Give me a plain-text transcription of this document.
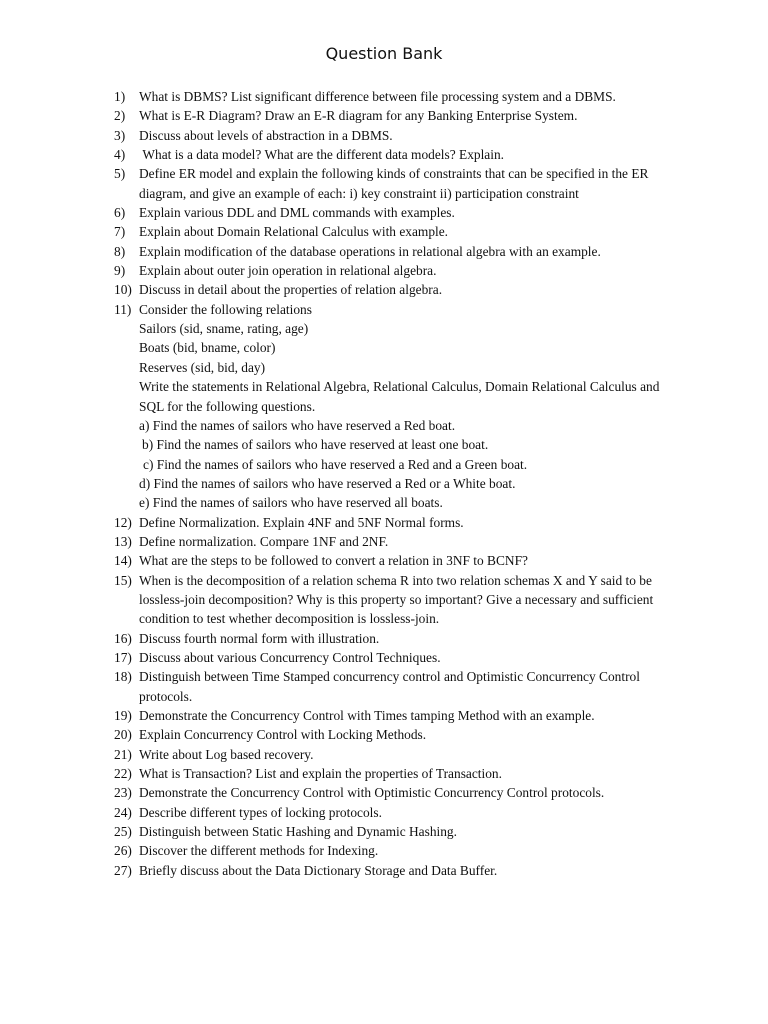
Question Bank
1)	What is DBMS? List significant difference between file processing system and a DBMS.
2)	What is E-R Diagram? Draw an E-R diagram for any Banking Enterprise System.
3)	Discuss about levels of abstraction in a DBMS.
4)	What is a data model? What are the different data models? Explain.
5)	Define ER model and explain the following kinds of constraints that can be specified in the ER diagram, and give an example of each: i) key constraint ii) participation constraint
6)	Explain various DDL and DML commands with examples.
7)	Explain about Domain Relational Calculus with example.
8)	Explain modification of the database operations in relational algebra with an example.
9)	Explain about outer join operation in relational algebra.
10) Discuss in detail about the properties of relation algebra.
11) Consider the following relations
Sailors (sid, sname, rating, age)
Boats (bid, bname, color)
Reserves (sid, bid, day)
Write the statements in Relational Algebra, Relational Calculus, Domain Relational Calculus and SQL for the following questions.
a) Find the names of sailors who have reserved a Red boat.
b) Find the names of sailors who have reserved at least one boat.
c) Find the names of sailors who have reserved a Red and a Green boat.
d) Find the names of sailors who have reserved a Red or a White boat.
e) Find the names of sailors who have reserved all boats.
12) Define Normalization. Explain 4NF and 5NF Normal forms.
13) Define normalization. Compare 1NF and 2NF.
14) What are the steps to be followed to convert a relation in 3NF to BCNF?
15) When is the decomposition of a relation schema R into two relation schemas X and Y said to be lossless-join decomposition? Why is this property so important? Give a necessary and sufficient condition to test whether decomposition is lossless-join.
16) Discuss fourth normal form with illustration.
17) Discuss about various Concurrency Control Techniques.
18) Distinguish between Time Stamped concurrency control and Optimistic Concurrency Control protocols.
19) Demonstrate the Concurrency Control with Times tamping Method with an example.
20) Explain Concurrency Control with Locking Methods.
21) Write about Log based recovery.
22) What is Transaction? List and explain the properties of Transaction.
23) Demonstrate the Concurrency Control with Optimistic Concurrency Control protocols.
24) Describe different types of locking protocols.
25) Distinguish between Static Hashing and Dynamic Hashing.
26) Discover the different methods for Indexing.
27) Briefly discuss about the Data Dictionary Storage and Data Buffer.
